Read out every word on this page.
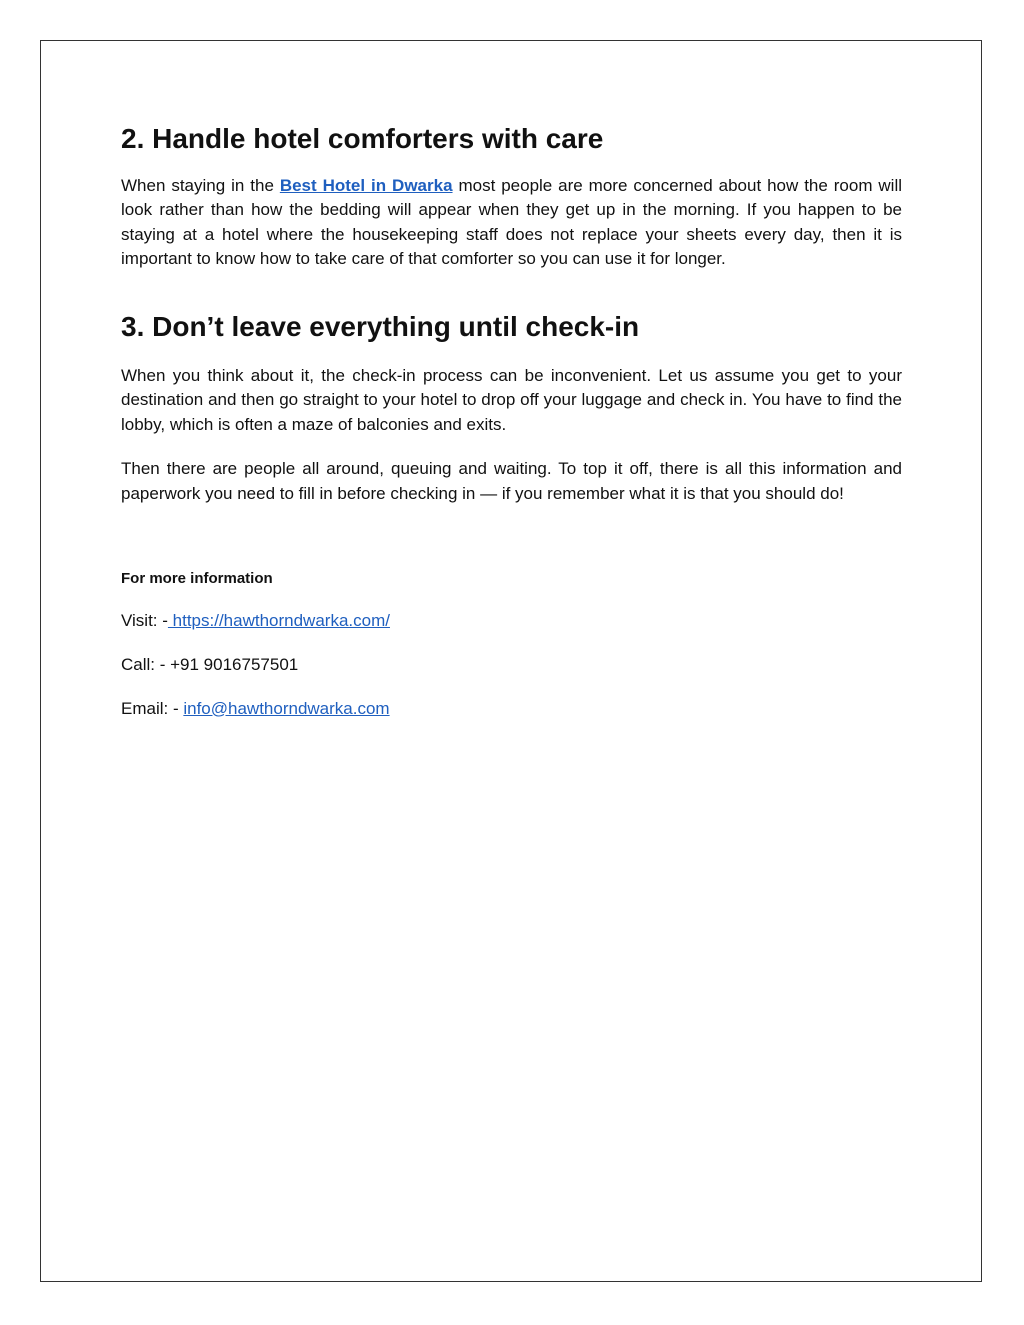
2. Handle hotel comforters with care

When staying in the Best Hotel in Dwarka most people are more concerned about how the room will look rather than how the bedding will appear when they get up in the morning. If you happen to be staying at a hotel where the housekeeping staff does not replace your sheets every day, then it is important to know how to take care of that comforter so you can use it for longer.

3. Don’t leave everything until check-in

When you think about it, the check-in process can be inconvenient. Let us assume you get to your destination and then go straight to your hotel to drop off your luggage and check in. You have to find the lobby, which is often a maze of balconies and exits.

Then there are people all around, queuing and waiting. To top it off, there is all this information and paperwork you need to fill in before checking in — if you remember what it is that you should do!

For more information
Visit: - https://hawthorndwarka.com/
Call: - +91 9016757501
Email: - info@hawthorndwarka.com
